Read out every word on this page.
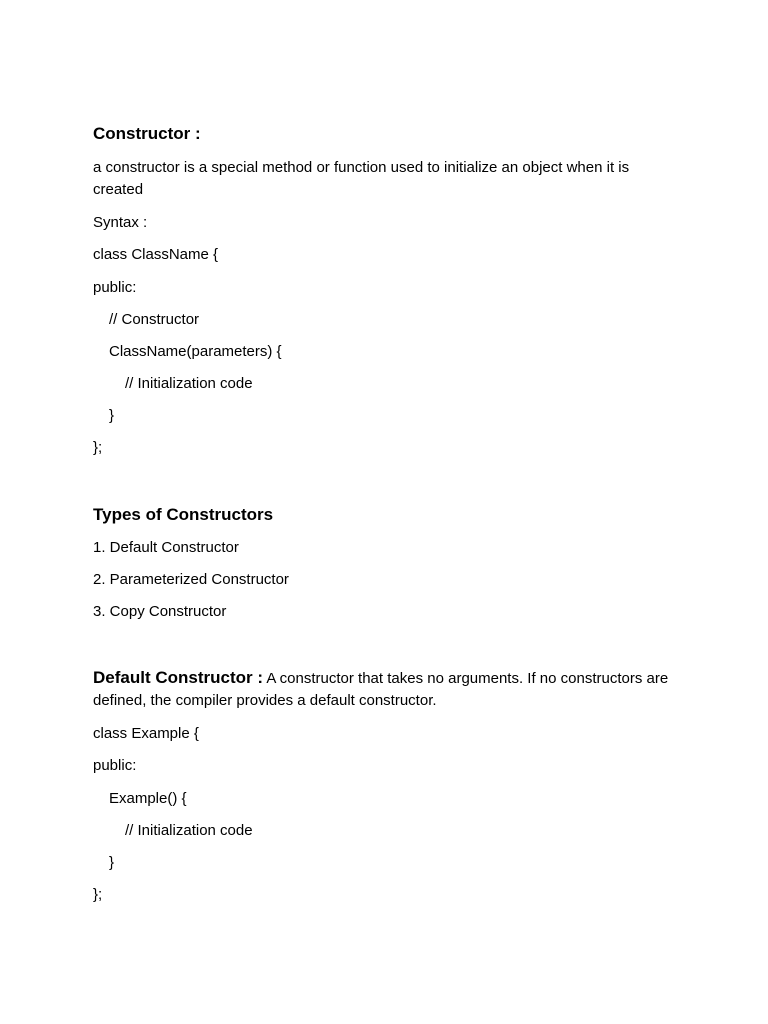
Constructor :
a constructor is a special method or function used to initialize an object when it is created
Syntax :
class ClassName {
public:
// Constructor
ClassName(parameters) {
// Initialization code
}
};
Types of Constructors
1. Default Constructor
2. Parameterized Constructor
3. Copy Constructor
Default Constructor : A constructor that takes no arguments. If no constructors are defined, the compiler provides a default constructor.
class Example {
public:
Example() {
// Initialization code
}
};
